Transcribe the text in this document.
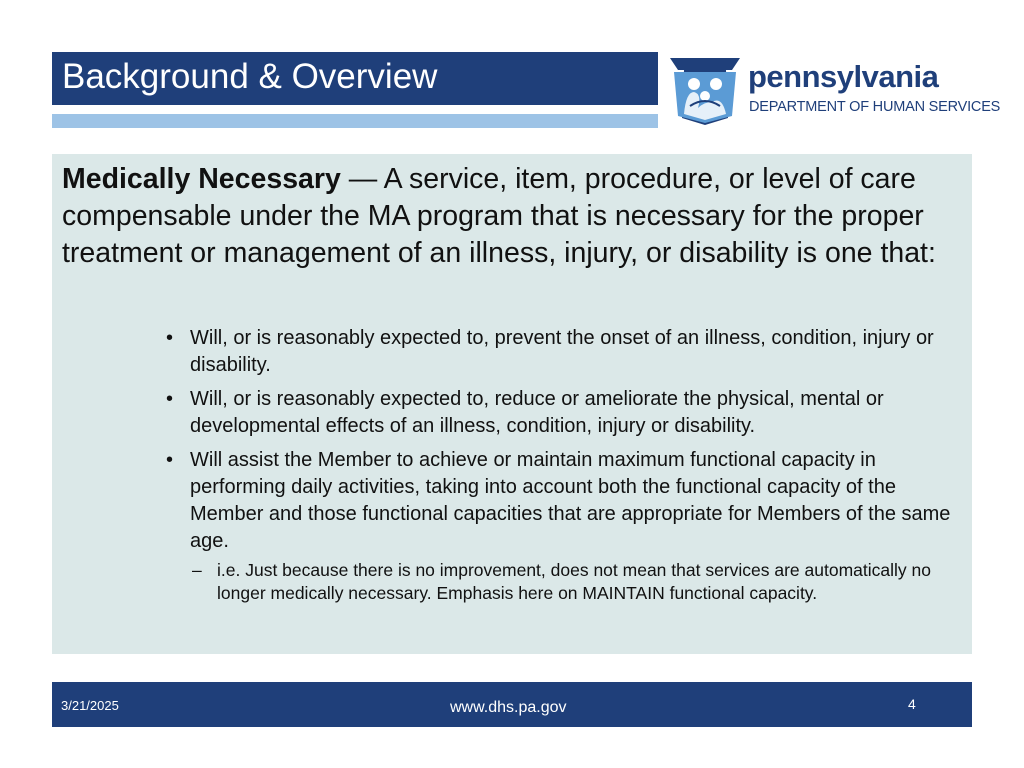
Background & Overview	pennsylvania
DEPARTMENT OF HUMAN SERVICES
Medically Necessary — A service, item, procedure, or level of care compensable under the MA program that is necessary for the proper treatment or management of an illness, injury, or disability is one that:
• Will, or is reasonably expected to, prevent the onset of an illness, condition, injury or disability.
• Will, or is reasonably expected to, reduce or ameliorate the physical, mental or developmental effects of an illness, condition, injury or disability.
• Will assist the Member to achieve or maintain maximum functional capacity in performing daily activities, taking into account both the functional capacity of the Member and those functional capacities that are appropriate for Members of the same age.
– i.e. Just because there is no improvement, does not mean that services are automatically no longer medically necessary. Emphasis here on MAINTAIN functional capacity.
3/21/2025	www.dhs.pa.gov	4
